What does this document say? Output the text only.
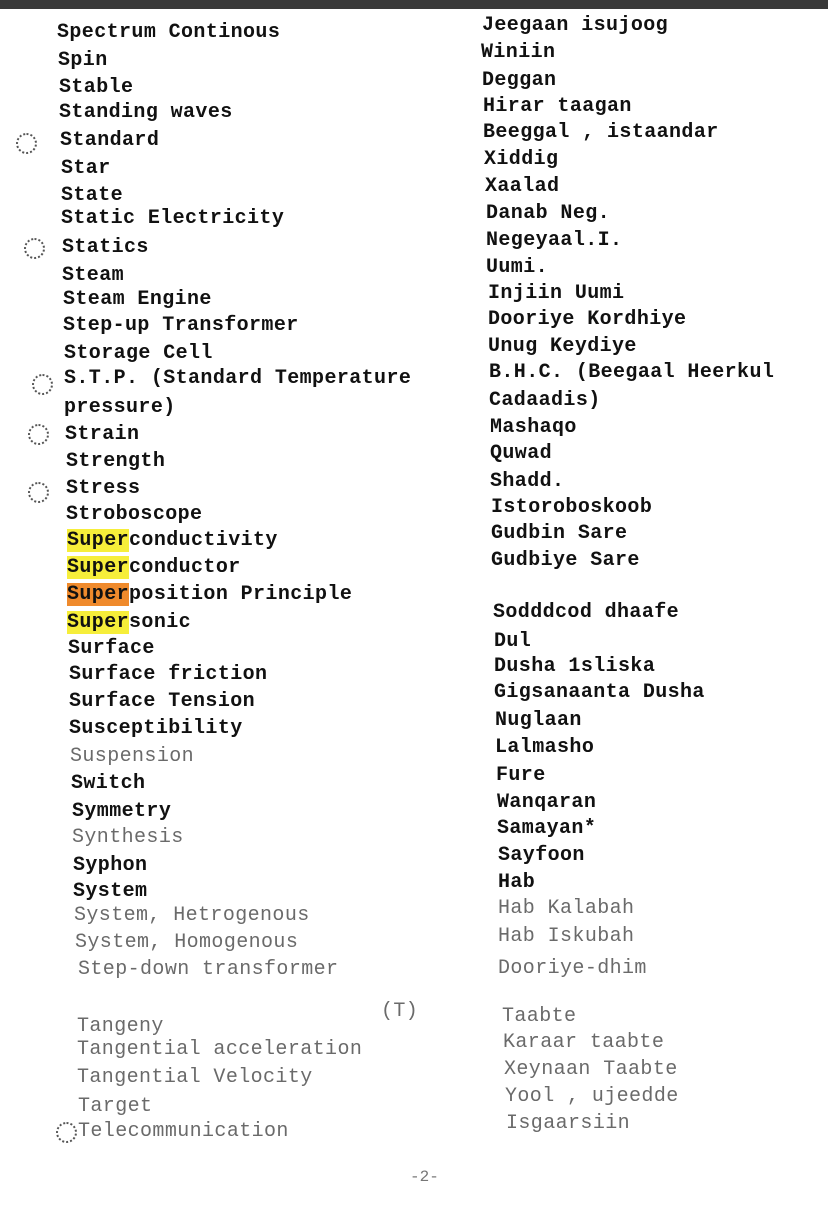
Spectrum Continous
Spin
Stable
Standing waves
Standard
Star
State
Static Electricity
Statics
Steam
Steam Engine
Step-up Transformer
Storage Cell
S.T.P. (Standard Temperature
pressure)
Strain
Strength
Stress
Stroboscope
Superconductivity
Superconductor
Superposition Principle
Supersonic
Surface
Surface friction
Surface Tension
Susceptibility
Suspension
Switch
Symmetry
Synthesis
Syphon
System
System, Hetrogenous
System, Homogenous
Step-down transformer
(T)
Tangeny
Tangential acceleration
Tangential Velocity
Target
Telecommunication
Jeegaan isujoog
Winiin
Deggan
Hirar taagan
Beeggal , istaandar
Xiddig
Xaalad
Danab Neg.
Negeyaal.I.
Uumi.
Injiin Uumi
Dooriye Kordhiye
Unug Keydiye
B.H.C. (Beegaal Heerkul
Cadaadis)
Mashaqo
Quwad
Shadd.
Istoroboskoob
Gudbin Sare
Gudbiye Sare
Sodddcod dhaafe
Dul
Dusha 1sliska
Gigsanaanta Dusha
Nuglaan
Lalmasho
Fure
Wanqaran
Samayan*
Sayfoon
Hab
Hab Kalabah
Hab Iskubah
Dooriye-dhim
Taabte
Karaar taabte
Xeynaan Taabte
Yool , ujeedde
Isgaarsiin
-2-
